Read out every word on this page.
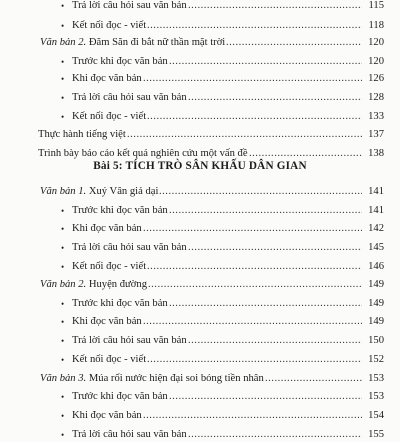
Bài 5: TÍCH TRÒ SÂN KHẤU DÂN GIAN
• Trả lời câu hỏi sau văn bản .....	115
• Kết nối đọc - viết .....	118
Văn bản 2. Đăm Săn đi bắt nữ thần mặt trời .....	120
• Trước khi đọc văn bản .....	120
• Khi đọc văn bản .....	126
• Trả lời câu hỏi sau văn bản .....	128
• Kết nối đọc - viết .....	133
Thực hành tiếng việt .....	137
Trình bày báo cáo kết quả nghiên cứu một vấn đề .....	138
Văn bản 1. Xuý Vân giả dại .....	141
• Trước khi đọc văn bản .....	141
• Khi đọc văn bản .....	142
• Trả lời câu hỏi sau văn bản .....	145
• Kết nối đọc - viết .....	146
Văn bản 2. Huyện đường .....	149
• Trước khi đọc văn bản .....	149
• Khi đọc văn bản .....	149
• Trả lời câu hỏi sau văn bản .....	150
• Kết nối đọc - viết .....	152
Văn bản 3. Múa rối nước hiện đại soi bóng tiền nhân .....	153
• Trước khi đọc văn bản .....	153
• Khi đọc văn bản .....	154
• Trả lời câu hỏi sau văn bản .....	155
